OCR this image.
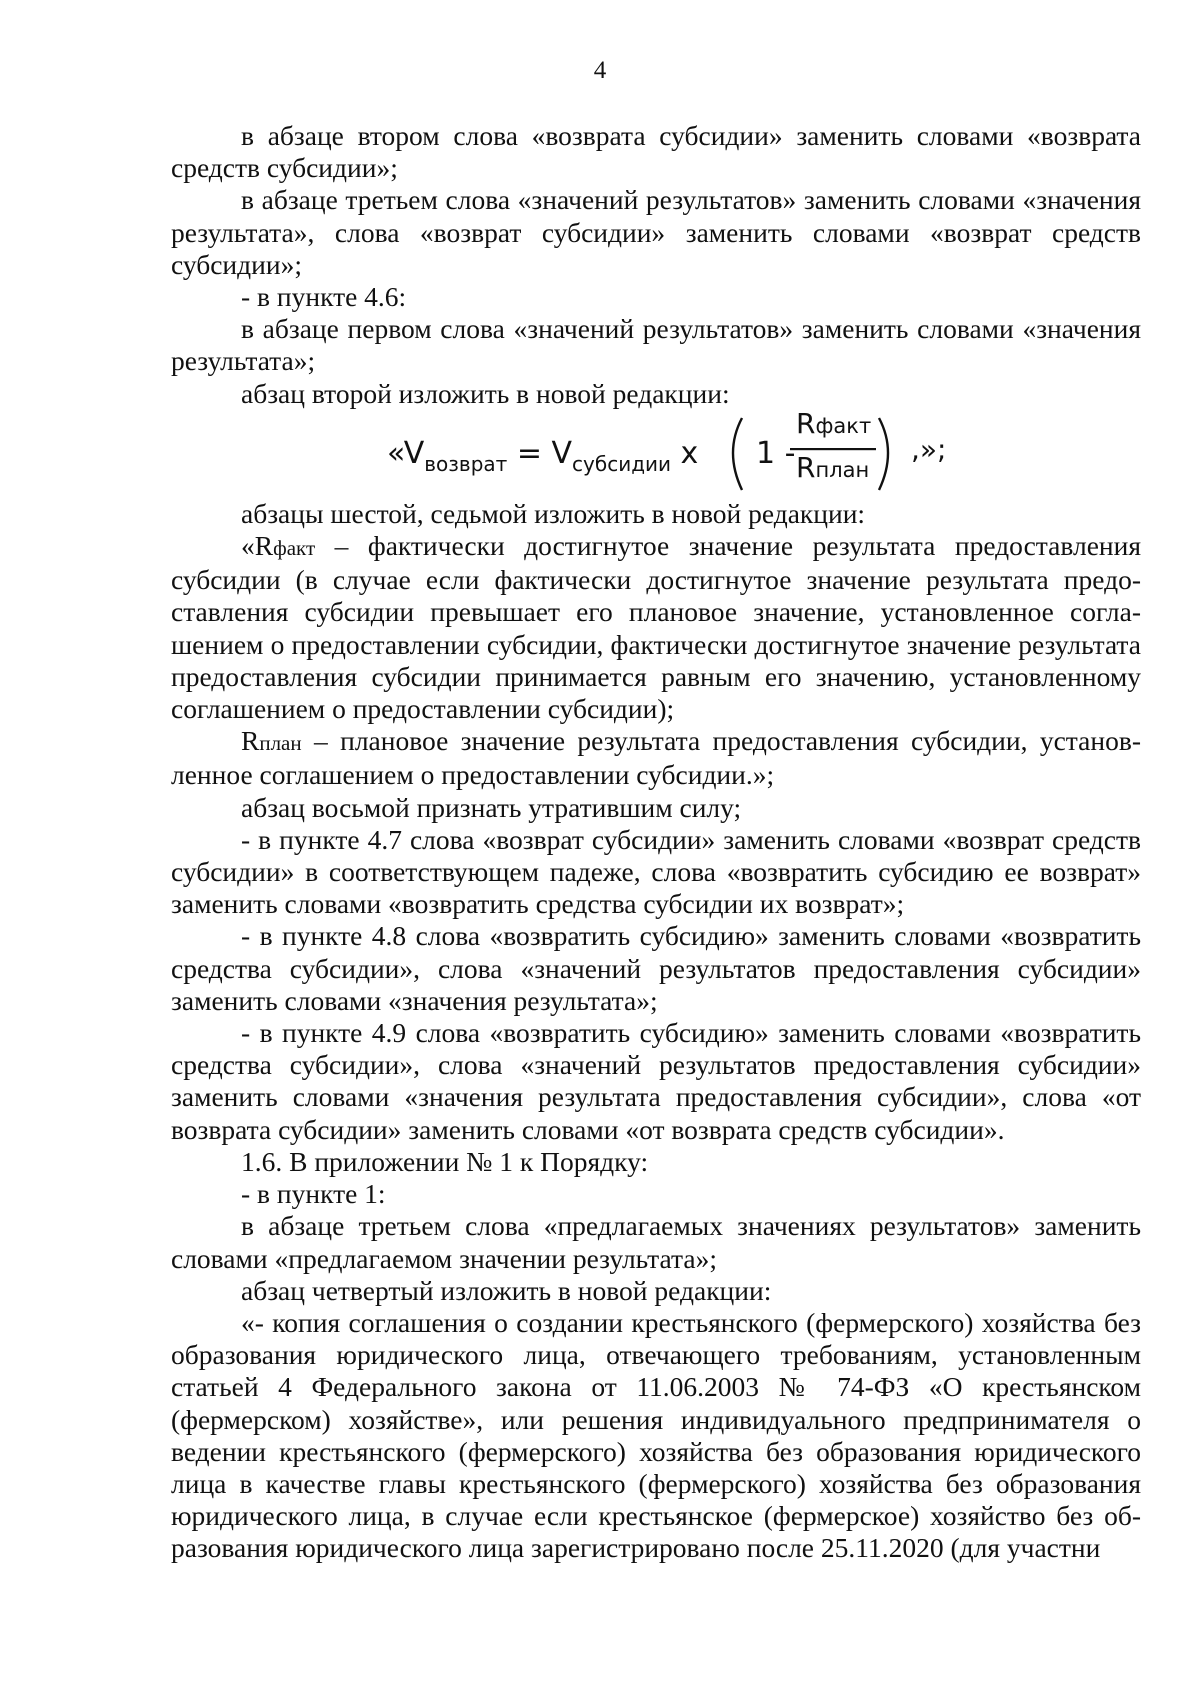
4

в абзаце втором слова «возврата субсидии» заменить словами «возврата средств субсидии»;

в абзаце третьем слова «значений результатов» заменить словами «значения результата», слова «возврат субсидии» заменить словами «возврат средств субсидии»;

- в пункте 4.6:

в абзаце первом слова «значений результатов» заменить словами «значения результата»;

абзац второй изложить в новой редакции:

«$V_{возврат} = V_{субсидии}$ x 1 -
Rфакт
Rплан
,»;

абзацы шестой, седьмой изложить в новой редакции:

«Rфакт – фактически достигнутое значение результата предоставления субсидии (в случае если фактически достигнутое значение результата предоставления субсидии превышает его плановое значение, установленное соглашением о предоставлении субсидии, фактически достигнутое значение результата предоставления субсидии принимается равным его значению, установленному соглашением о предоставлении субсидии);

Rплан – плановое значение результата предоставления субсидии, установленное соглашением о предоставлении субсидии.»;

абзац восьмой признать утратившим силу;

- в пункте 4.7 слова «возврат субсидии» заменить словами «возврат средств субсидии» в соответствующем падеже, слова «возвратить субсидию ее возврат» заменить словами «возвратить средства субсидии их возврат»;

- в пункте 4.8 слова «возвратить субсидию» заменить словами «возвратить средства субсидии», слова «значений результатов предоставления субсидии» заменить словами «значения результата»;

- в пункте 4.9 слова «возвратить субсидию» заменить словами «возвратить средства субсидии», слова «значений результатов предоставления субсидии» заменить словами «значения результата предоставления субсидии», слова «от возврата субсидии» заменить словами «от возврата средств субсидии».

1.6. В приложении № 1 к Порядку:

- в пункте 1:

в абзаце третьем слова «предлагаемых значениях результатов» заменить словами «предлагаемом значении результата»;

абзац четвертый изложить в новой редакции:

«- копия соглашения о создании крестьянского (фермерского) хозяйства без образования юридического лица, отвечающего требованиям, установленным статьей 4 Федерального закона от 11.06.2003 № 74-ФЗ «О крестьянском (фермерском) хозяйстве», или решения индивидуального предпринимателя о ведении крестьянского (фермерского) хозяйства без образования юридического лица в качестве главы крестьянского (фермерского) хозяйства без образования юридического лица, в случае если крестьянское (фермерское) хозяйство без образования юридического лица зарегистрировано после 25.11.2020 (для участни
